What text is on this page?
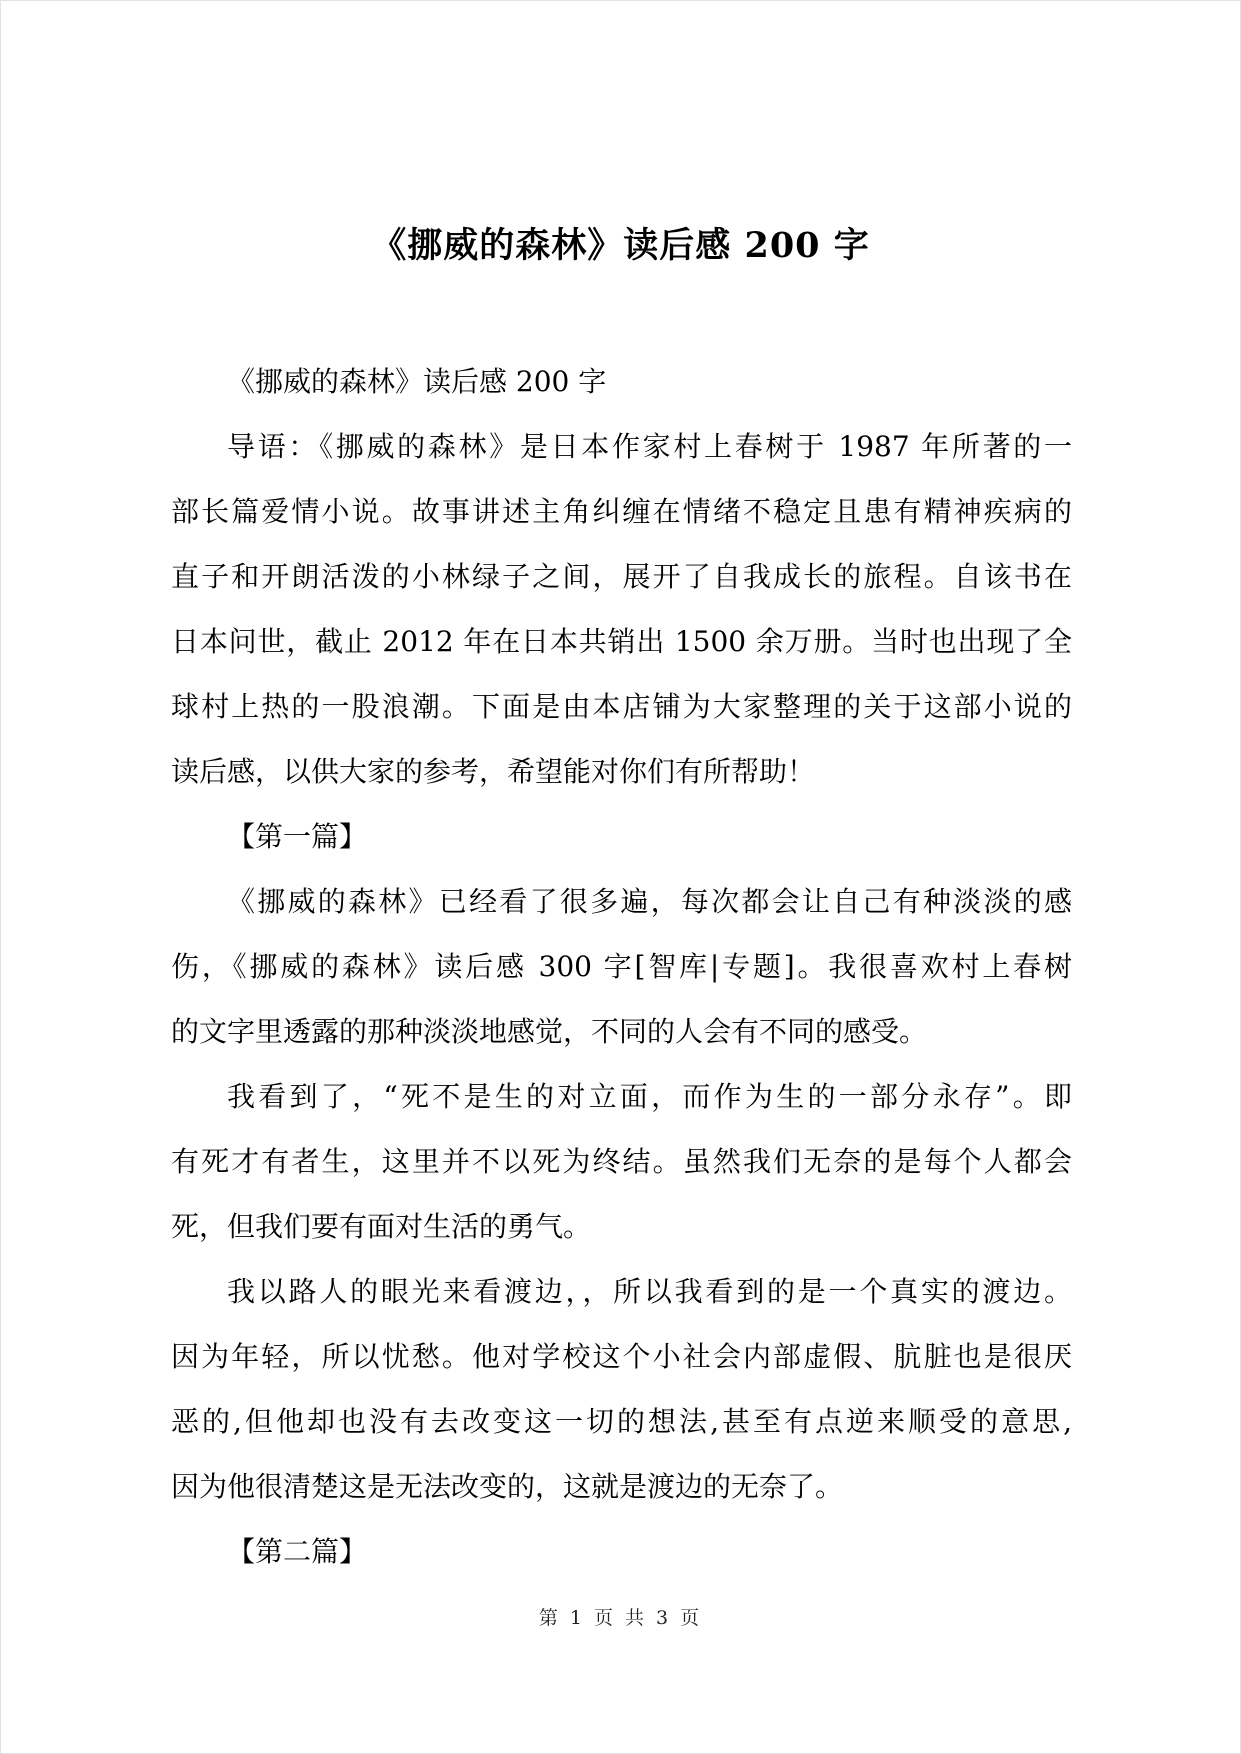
《挪威的森林》读后感 200 字
《挪威的森林》读后感 200 字
导语：《挪威的森林》是日本作家村上春树于 1987 年所著的一
部长篇爱情小说。故事讲述主角纠缠在情绪不稳定且患有精神疾病的
直子和开朗活泼的小林绿子之间，展开了自我成长的旅程。自该书在
日本问世，截止 2012 年在日本共销出 1500 余万册。当时也出现了全
球村上热的一股浪潮。下面是由本店铺为大家整理的关于这部小说的
读后感，以供大家的参考，希望能对你们有所帮助！
【第一篇】
《挪威的森林》已经看了很多遍，每次都会让自己有种淡淡的感
伤，《挪威的森林》读后感 300 字[智库|专题]。我很喜欢村上春树
的文字里透露的那种淡淡地感觉，不同的人会有不同的感受。
我看到了，“死不是生的对立面，而作为生的一部分永存”。即
有死才有者生，这里并不以死为终结。虽然我们无奈的是每个人都会
死，但我们要有面对生活的勇气。
我以路人的眼光来看渡边，，所以我看到的是一个真实的渡边。
因为年轻，所以忧愁。他对学校这个小社会内部虚假、肮脏也是很厌
恶的,但他却也没有去改变这一切的想法,甚至有点逆来顺受的意思,
因为他很清楚这是无法改变的，这就是渡边的无奈了。
【第二篇】
第 1 页 共 3 页
